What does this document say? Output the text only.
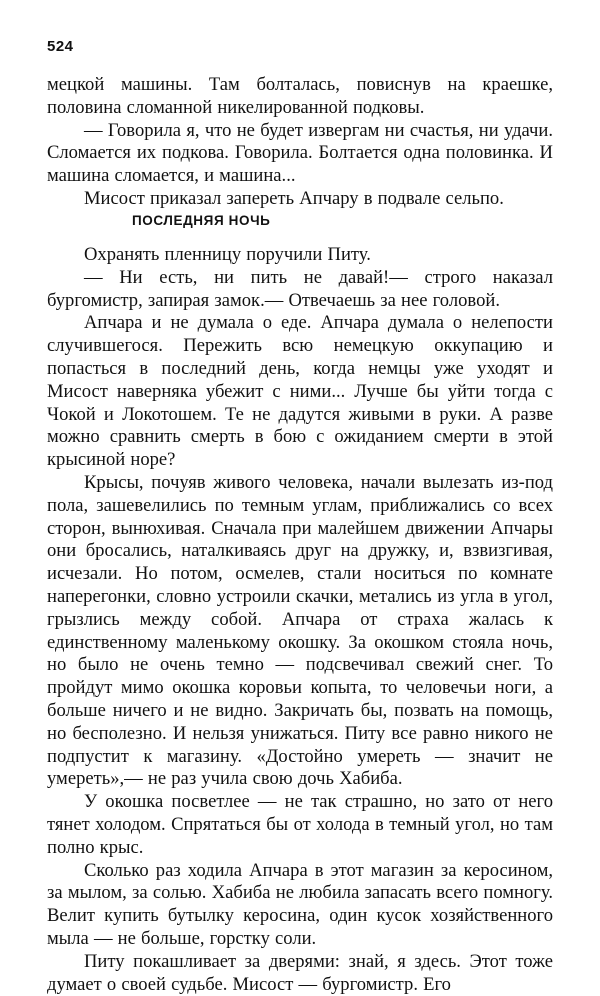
524

мецкой машины. Там болталась, повиснув на краешке, половина сломанной никелированной подковы.

— Говорила я, что не будет извергам ни счастья, ни удачи. Сломается их подкова. Говорила. Болтается одна половинка. И машина сломается, и машина...

Мисост приказал запереть Апчару в подвале сельпо.

ПОСЛЕДНЯЯ НОЧЬ

Охранять пленницу поручили Питу.

— Ни есть, ни пить не давай!— строго наказал бургомистр, запирая замок.— Отвечаешь за нее головой.

Апчара и не думала о еде. Апчара думала о нелепости случившегося. Пережить всю немецкую оккупацию и попасться в последний день, когда немцы уже уходят и Мисост наверняка убежит с ними... Лучше бы уйти тогда с Чокой и Локотошем. Те не дадутся живыми в руки. А разве можно сравнить смерть в бою с ожиданием смерти в этой крысиной норе?

Крысы, почуяв живого человека, начали вылезать из-под пола, зашевелились по темным углам, приближались со всех сторон, вынюхивая. Сначала при малейшем движении Апчары они бросались, наталкиваясь друг на дружку, и, взвизгивая, исчезали. Но потом, осмелев, стали носиться по комнате наперегонки, словно устроили скачки, метались из угла в угол, грызлись между собой. Апчара от страха жалась к единственному маленькому окошку. За окошком стояла ночь, но было не очень темно — подсвечивал свежий снег. То пройдут мимо окошка коровьи копыта, то человечьи ноги, а больше ничего и не видно. Закричать бы, позвать на помощь, но бесполезно. И нельзя унижаться. Питу все равно никого не подпустит к магазину. «Достойно умереть — значит не умереть»,— не раз учила свою дочь Хабиба.

У окошка посветлее — не так страшно, но зато от него тянет холодом. Спрятаться бы от холода в темный угол, но там полно крыс.

Сколько раз ходила Апчара в этот магазин за керосином, за мылом, за солью. Хабиба не любила запасать всего помногу. Велит купить бутылку керосина, один кусок хозяйственного мыла — не больше, горстку соли.

Питу покашливает за дверями: знай, я здесь. Этот тоже думает о своей судьбе. Мисост — бургомистр. Его
